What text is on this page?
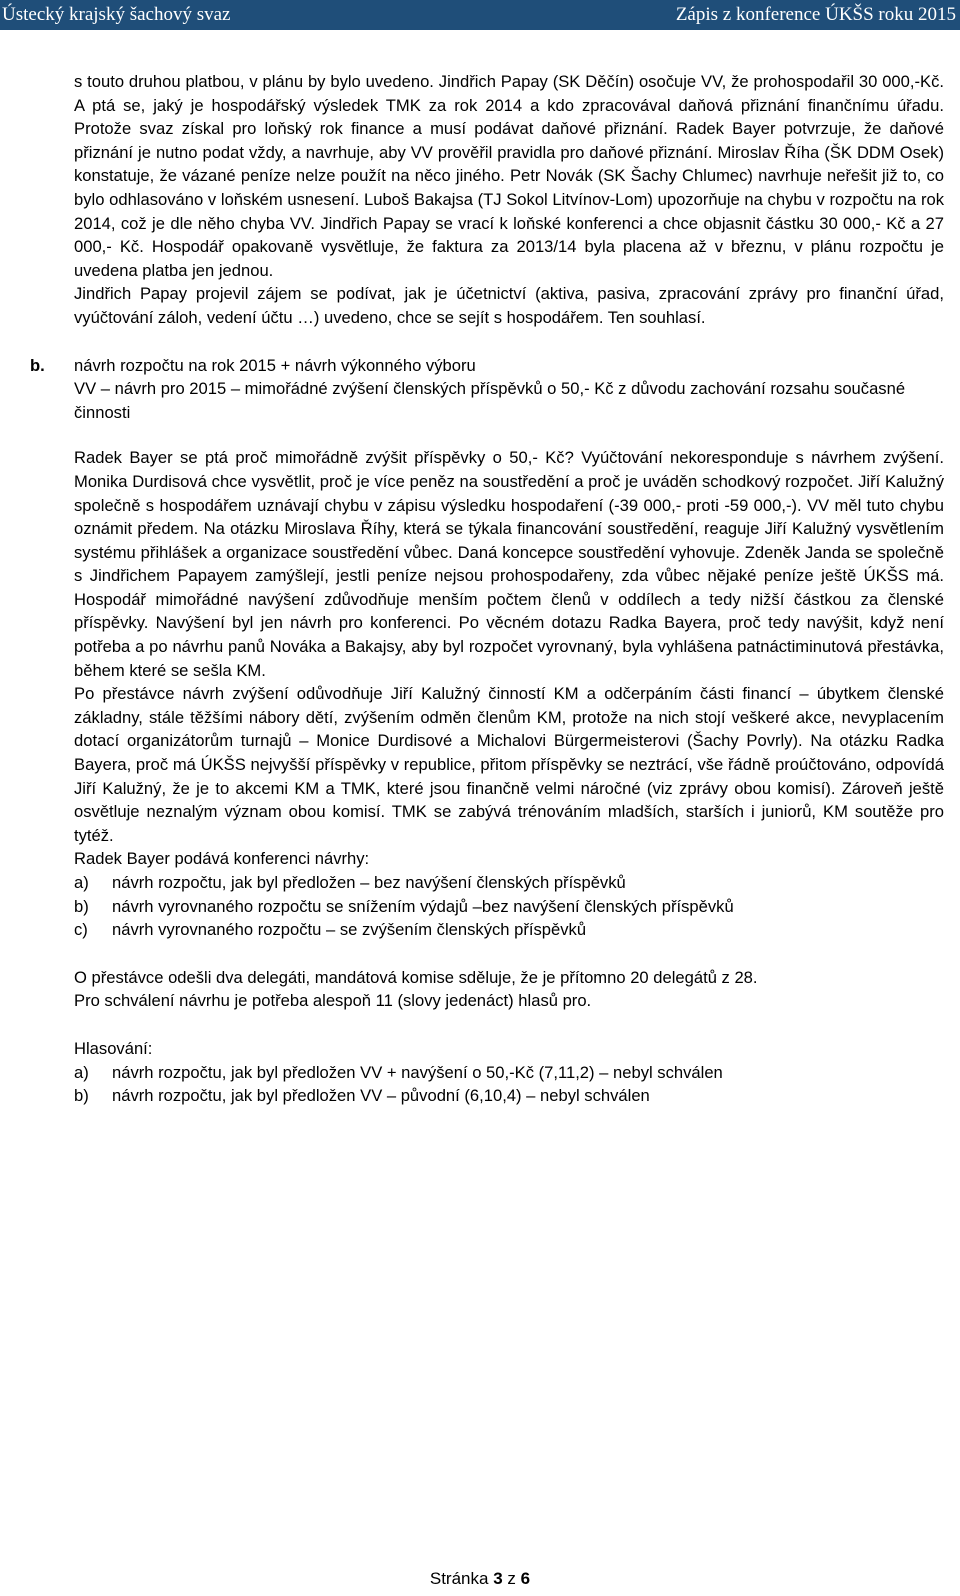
Ústecký krajský šachový svaz	Zápis z konference ÚKŠS roku 2015

s touto druhou platbou, v plánu by bylo uvedeno. Jindřich Papay (SK Děčín) osočuje VV, že prohospodařil 30 000,-Kč. A ptá se, jaký je hospodářský výsledek TMK za rok 2014 a kdo zpracovával daňová přiznání finančnímu úřadu. Protože svaz získal pro loňský rok finance a musí podávat daňové přiznání. Radek Bayer potvrzuje, že daňové přiznání je nutno podat vždy, a navrhuje, aby VV prověřil pravidla pro daňové přiznání. Miroslav Říha (ŠK DDM Osek) konstatuje, že vázané peníze nelze použít na něco jiného. Petr Novák (SK Šachy Chlumec) navrhuje neřešit již to, co bylo odhlasováno v loňském usnesení. Luboš Bakajsa (TJ Sokol Litvínov-Lom) upozorňuje na chybu v rozpočtu na rok 2014, což je dle něho chyba VV. Jindřich Papay se vrací k loňské konferenci a chce objasnit částku 30 000,- Kč a 27 000,- Kč. Hospodář opakovaně vysvětluje, že faktura za 2013/14 byla placena až v březnu, v plánu rozpočtu je uvedena platba jen jednou.

Jindřich Papay projevil zájem se podívat, jak je účetnictví (aktiva, pasiva, zpracování zprávy pro finanční úřad, vyúčtování záloh, vedení účtu …) uvedeno, chce se sejít s hospodářem. Ten souhlasí.

b. návrh rozpočtu na rok 2015 + návrh výkonného výboru

VV – návrh pro 2015 – mimořádné zvýšení členských příspěvků o 50,- Kč z důvodu zachování rozsahu současné činnosti

Radek Bayer se ptá proč mimořádně zvýšit příspěvky o 50,- Kč? Vyúčtování nekoresponduje s návrhem zvýšení. Monika Durdisová chce vysvětlit, proč je více peněz na soustředění a proč je uváděn schodkový rozpočet. Jiří Kalužný společně s hospodářem uznávají chybu v zápisu výsledku hospodaření (-39 000,- proti -59 000,-). VV měl tuto chybu oznámit předem. Na otázku Miroslava Říhy, která se týkala financování soustředění, reaguje Jiří Kalužný vysvětlením systému přihlášek a organizace soustředění vůbec. Daná koncepce soustředění vyhovuje. Zdeněk Janda se společně s Jindřichem Papayem zamýšlejí, jestli peníze nejsou prohospodařeny, zda vůbec nějaké peníze ještě ÚKŠS má. Hospodář mimořádné navýšení zdůvodňuje menším počtem členů v oddílech a tedy nižší částkou za členské příspěvky. Navýšení byl jen návrh pro konferenci. Po věcném dotazu Radka Bayera, proč tedy navýšit, když není potřeba a po návrhu panů Nováka a Bakajsy, aby byl rozpočet vyrovnaný, byla vyhlášena patnáctiminutová přestávka, během které se sešla KM.

Po přestávce návrh zvýšení odůvodňuje Jiří Kalužný činností KM a odčerpáním části financí – úbytkem členské základny, stále těžšími nábory dětí, zvýšením odměn členům KM, protože na nich stojí veškeré akce, nevyplacením dotací organizátorům turnajů – Monice Durdisové a Michalovi Bürgermeisterovi (Šachy Povrly). Na otázku Radka Bayera, proč má ÚKŠS nejvyšší příspěvky v republice, přitom příspěvky se neztrácí, vše řádně proúčtováno, odpovídá Jiří Kalužný, že je to akcemi KM a TMK, které jsou finančně velmi náročné (viz zprávy obou komisí). Zároveň ještě osvětluje neznalým význam obou komisí. TMK se zabývá trénováním mladších, starších i juniorů, KM soutěže pro tytéž.

Radek Bayer podává konferenci návrhy:

a) návrh rozpočtu, jak byl předložen – bez navýšení členských příspěvků

b) návrh vyrovnaného rozpočtu se snížením výdajů –bez navýšení členských příspěvků

c) návrh vyrovnaného rozpočtu – se zvýšením členských příspěvků

O přestávce odešli dva delegáti, mandátová komise sděluje, že je přítomno 20 delegátů z 28.

Pro schválení návrhu je potřeba alespoň 11 (slovy jedenáct) hlasů pro.

Hlasování:

a) návrh rozpočtu, jak byl předložen VV + navýšení o 50,-Kč (7,11,2) – nebyl schválen

b) návrh rozpočtu, jak byl předložen VV – původní (6,10,4) – nebyl schválen

Stránka 3 z 6
